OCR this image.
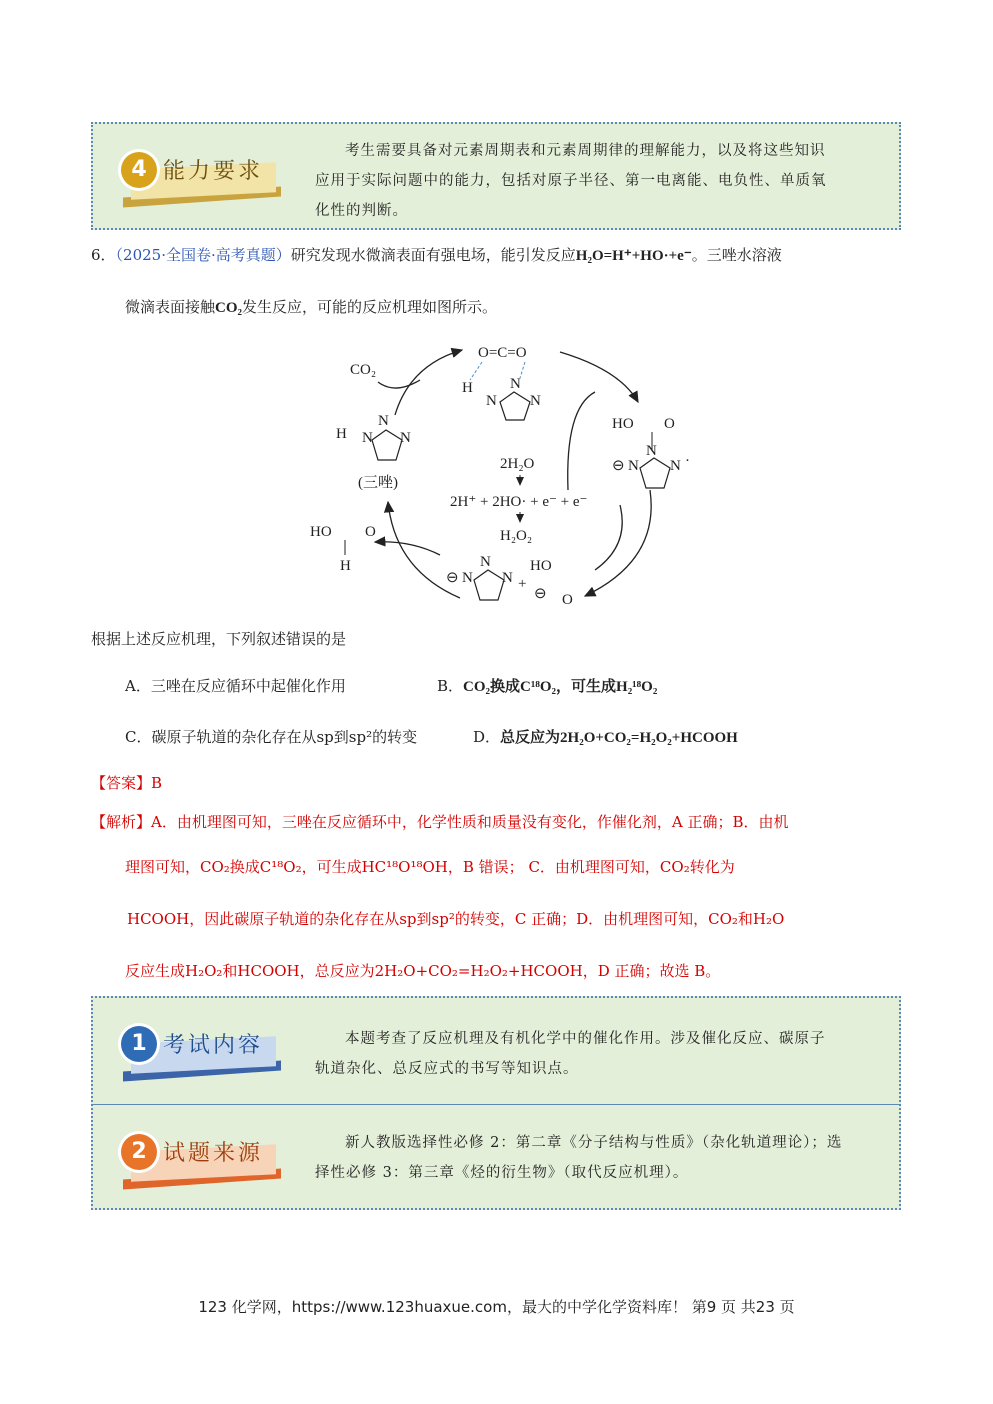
4 能力要求
考生需要具备对元素周期表和元素周期律的理解能力，以及将这些知识
应用于实际问题中的能力，包括对原子半径、第一电离能、电负性、单质氧
化性的判断。
6．（2025·全国卷·高考真题）研究发现水微滴表面有强电场，能引发反应H₂O=H⁺+HO·+e⁻。三唑水溶液
微滴表面接触CO₂发生反应，可能的反应机理如图所示。
CO₂
O=C=O
H
N
N
N
H N
N
N
(三唑)
2H₂O
2H⁺ + 2HO· + e⁻ + e⁻
H₂O₂
HO O
⊖ N
N
N ·
HO O
H
⊖ N
N
N +
HO
⊖ O
根据上述反应机理，下列叙述错误的是
A．三唑在反应循环中起催化作用	B．CO₂换成C¹⁸O₂，可生成H₂¹⁸O₂
C．碳原子轨道的杂化存在从sp到sp²的转变	D．总反应为2H₂O+CO₂=H₂O₂+HCOOH
【答案】B
【解析】A．由机理图可知，三唑在反应循环中，化学性质和质量没有变化，作催化剂，A 正确；B．由机
理图可知，CO₂换成C¹⁸O₂，可生成HC¹⁸O¹⁸OH，B 错误； C．由机理图可知，CO₂转化为
HCOOH，因此碳原子轨道的杂化存在从sp到sp²的转变，C 正确；D．由机理图可知，CO₂和H₂O
反应生成H₂O₂和HCOOH，总反应为2H₂O+CO₂=H₂O₂+HCOOH，D 正确；故选 B。
1 考试内容	本题考查了反应机理及有机化学中的催化作用。涉及催化反应、碳原子
轨道杂化、总反应式的书写等知识点。
2 试题来源	新人教版选择性必修 2：第二章《分子结构与性质》（杂化轨道理论）；选
择性必修 3：第三章《烃的衍生物》（取代反应机理）。
123 化学网，https://www.123huaxue.com，最大的中学化学资料库！ 第9 页 共23 页
